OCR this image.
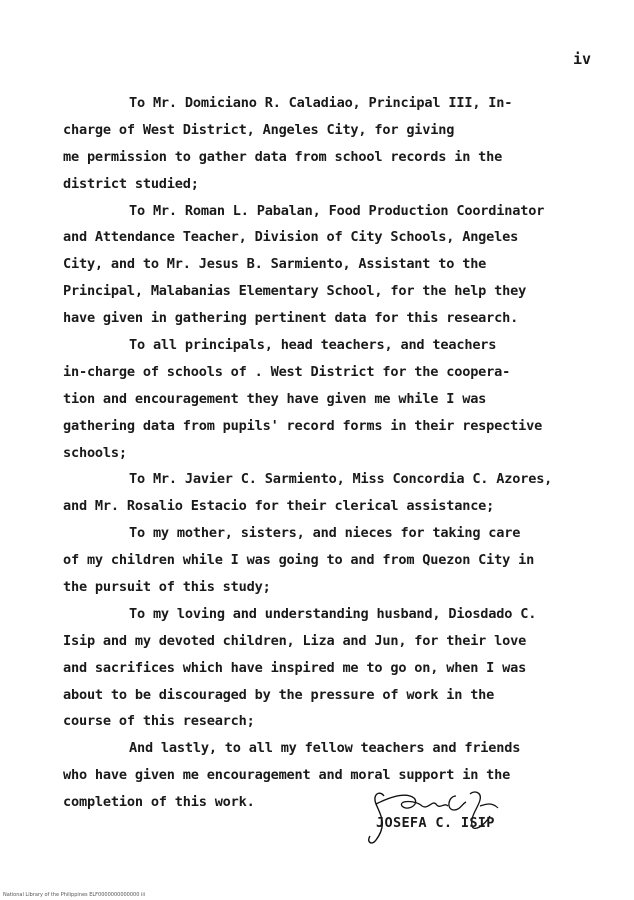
iv
To Mr. Domiciano R. Caladiao, Principal III, In-
charge of West District, Angeles City, for giving
me permission to gather data from school records in the
district studied;
To Mr. Roman L. Pabalan, Food Production Coordinator
and Attendance Teacher, Division of City Schools, Angeles
City, and to Mr. Jesus B. Sarmiento, Assistant to the
Principal, Malabanias Elementary School, for the help they
have given in gathering pertinent data for this research.
To all principals, head teachers, and teachers
in-charge of schools of . West District for the coopera-
tion and encouragement they have given me while I was
gathering data from pupils' record forms in their respective
schools;
To Mr. Javier C. Sarmiento, Miss Concordia C. Azores,
and Mr. Rosalio Estacio for their clerical assistance;
To my mother, sisters, and nieces for taking care
of my children while I was going to and from Quezon City in
the pursuit of this study;
To my loving and understanding husband, Diosdado C.
Isip and my devoted children, Liza and Jun, for their love
and sacrifices which have inspired me to go on, when I was
about to be discouraged by the pressure of work in the
course of this research;
And lastly, to all my fellow teachers and friends
who have given me encouragement and moral support in the
completion of this work.
JOSEFA C. ISIP
National Library of the Philippines ELF0000000000000 iii
